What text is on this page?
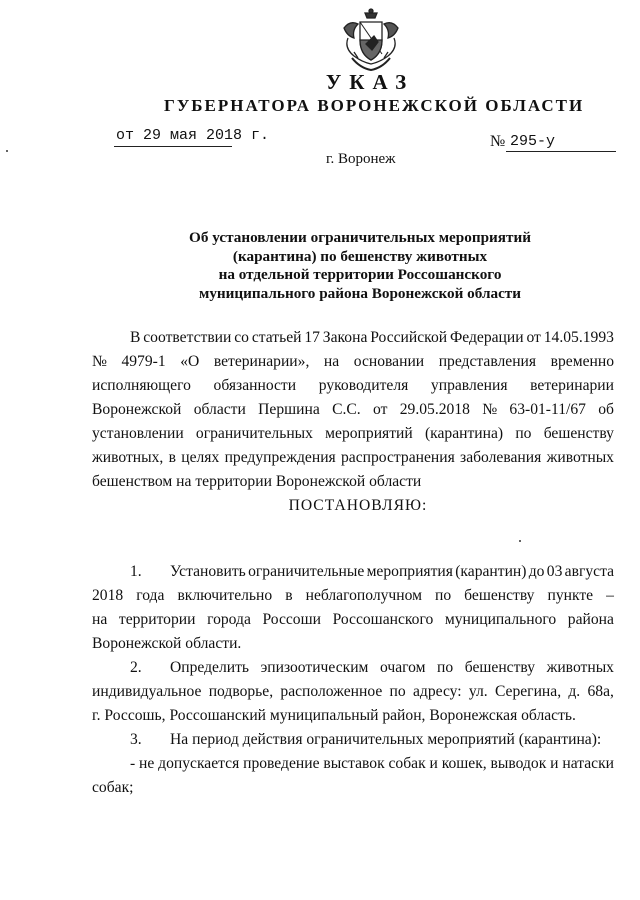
УКАЗ
ГУБЕРНАТОРА ВОРОНЕЖСКОЙ ОБЛАСТИ
от 29 мая 2018 г.	№ 295-у
г. Воронеж
Об установлении ограничительных мероприятий
(карантина) по бешенству животных
на отдельной территории Россошанского
муниципального района Воронежской области
В соответствии со статьей 17 Закона Российской Федерации от 14.05.1993
№ 4979-1 «О ветеринарии», на основании представления временно
исполняющего обязанности руководителя управления ветеринарии
Воронежской области Першина С.С. от 29.05.2018 № 63-01-11/67 об
установлении ограничительных мероприятий (карантина) по бешенству
животных, в целях предупреждения распространения заболевания животных
бешенством на территории Воронежской области
ПОСТАНОВЛЯЮ:
1.	Установить ограничительные мероприятия (карантин) до 03 августа
2018 года включительно в неблагополучном по бешенству пункте –
на территории города Россоши Россошанского муниципального района
Воронежской области.
2.	Определить эпизоотическим очагом по бешенству животных
индивидуальное подворье, расположенное по адресу: ул. Серегина, д. 68а,
г. Россошь, Россошанский муниципальный район, Воронежская область.
3.	На период действия ограничительных мероприятий (карантина):
- не допускается проведение выставок собак и кошек, выводок и натаски
собак;
